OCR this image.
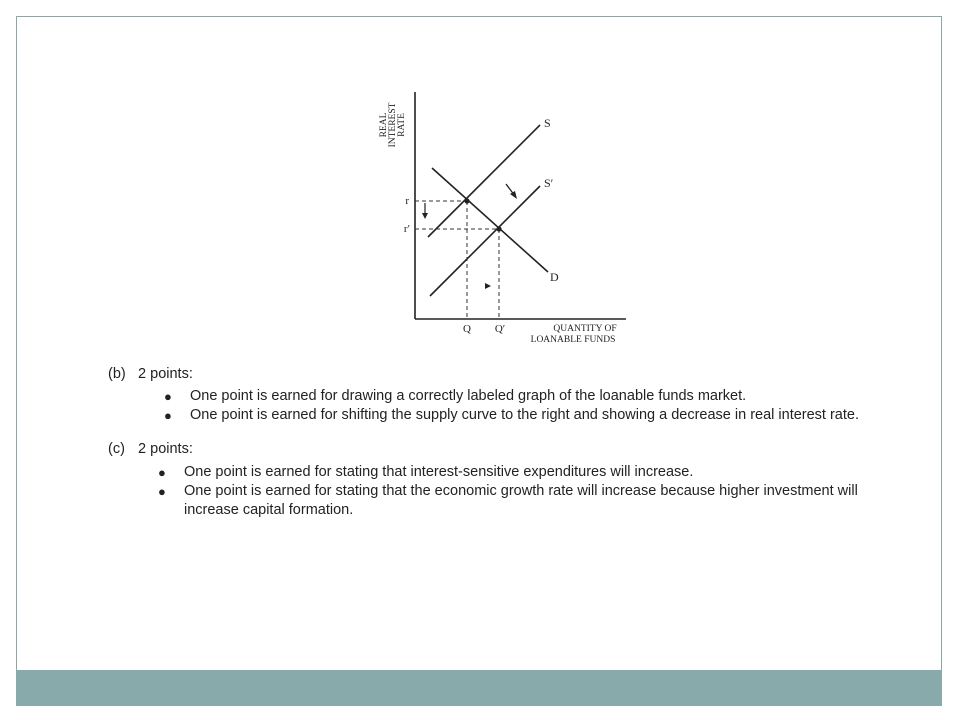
REAL INTEREST RATE	S
S′
D
r
r′
Q Q′	QUANTITY OF
LOANABLE FUNDS

(b) 2 points:

● One point is earned for drawing a correctly labeled graph of the loanable funds market.
● One point is earned for shifting the supply curve to the right and showing a decrease in real interest rate.

(c) 2 points:

● One point is earned for stating that interest-sensitive expenditures will increase.
● One point is earned for stating that the economic growth rate will increase because higher investment will increase capital formation.
